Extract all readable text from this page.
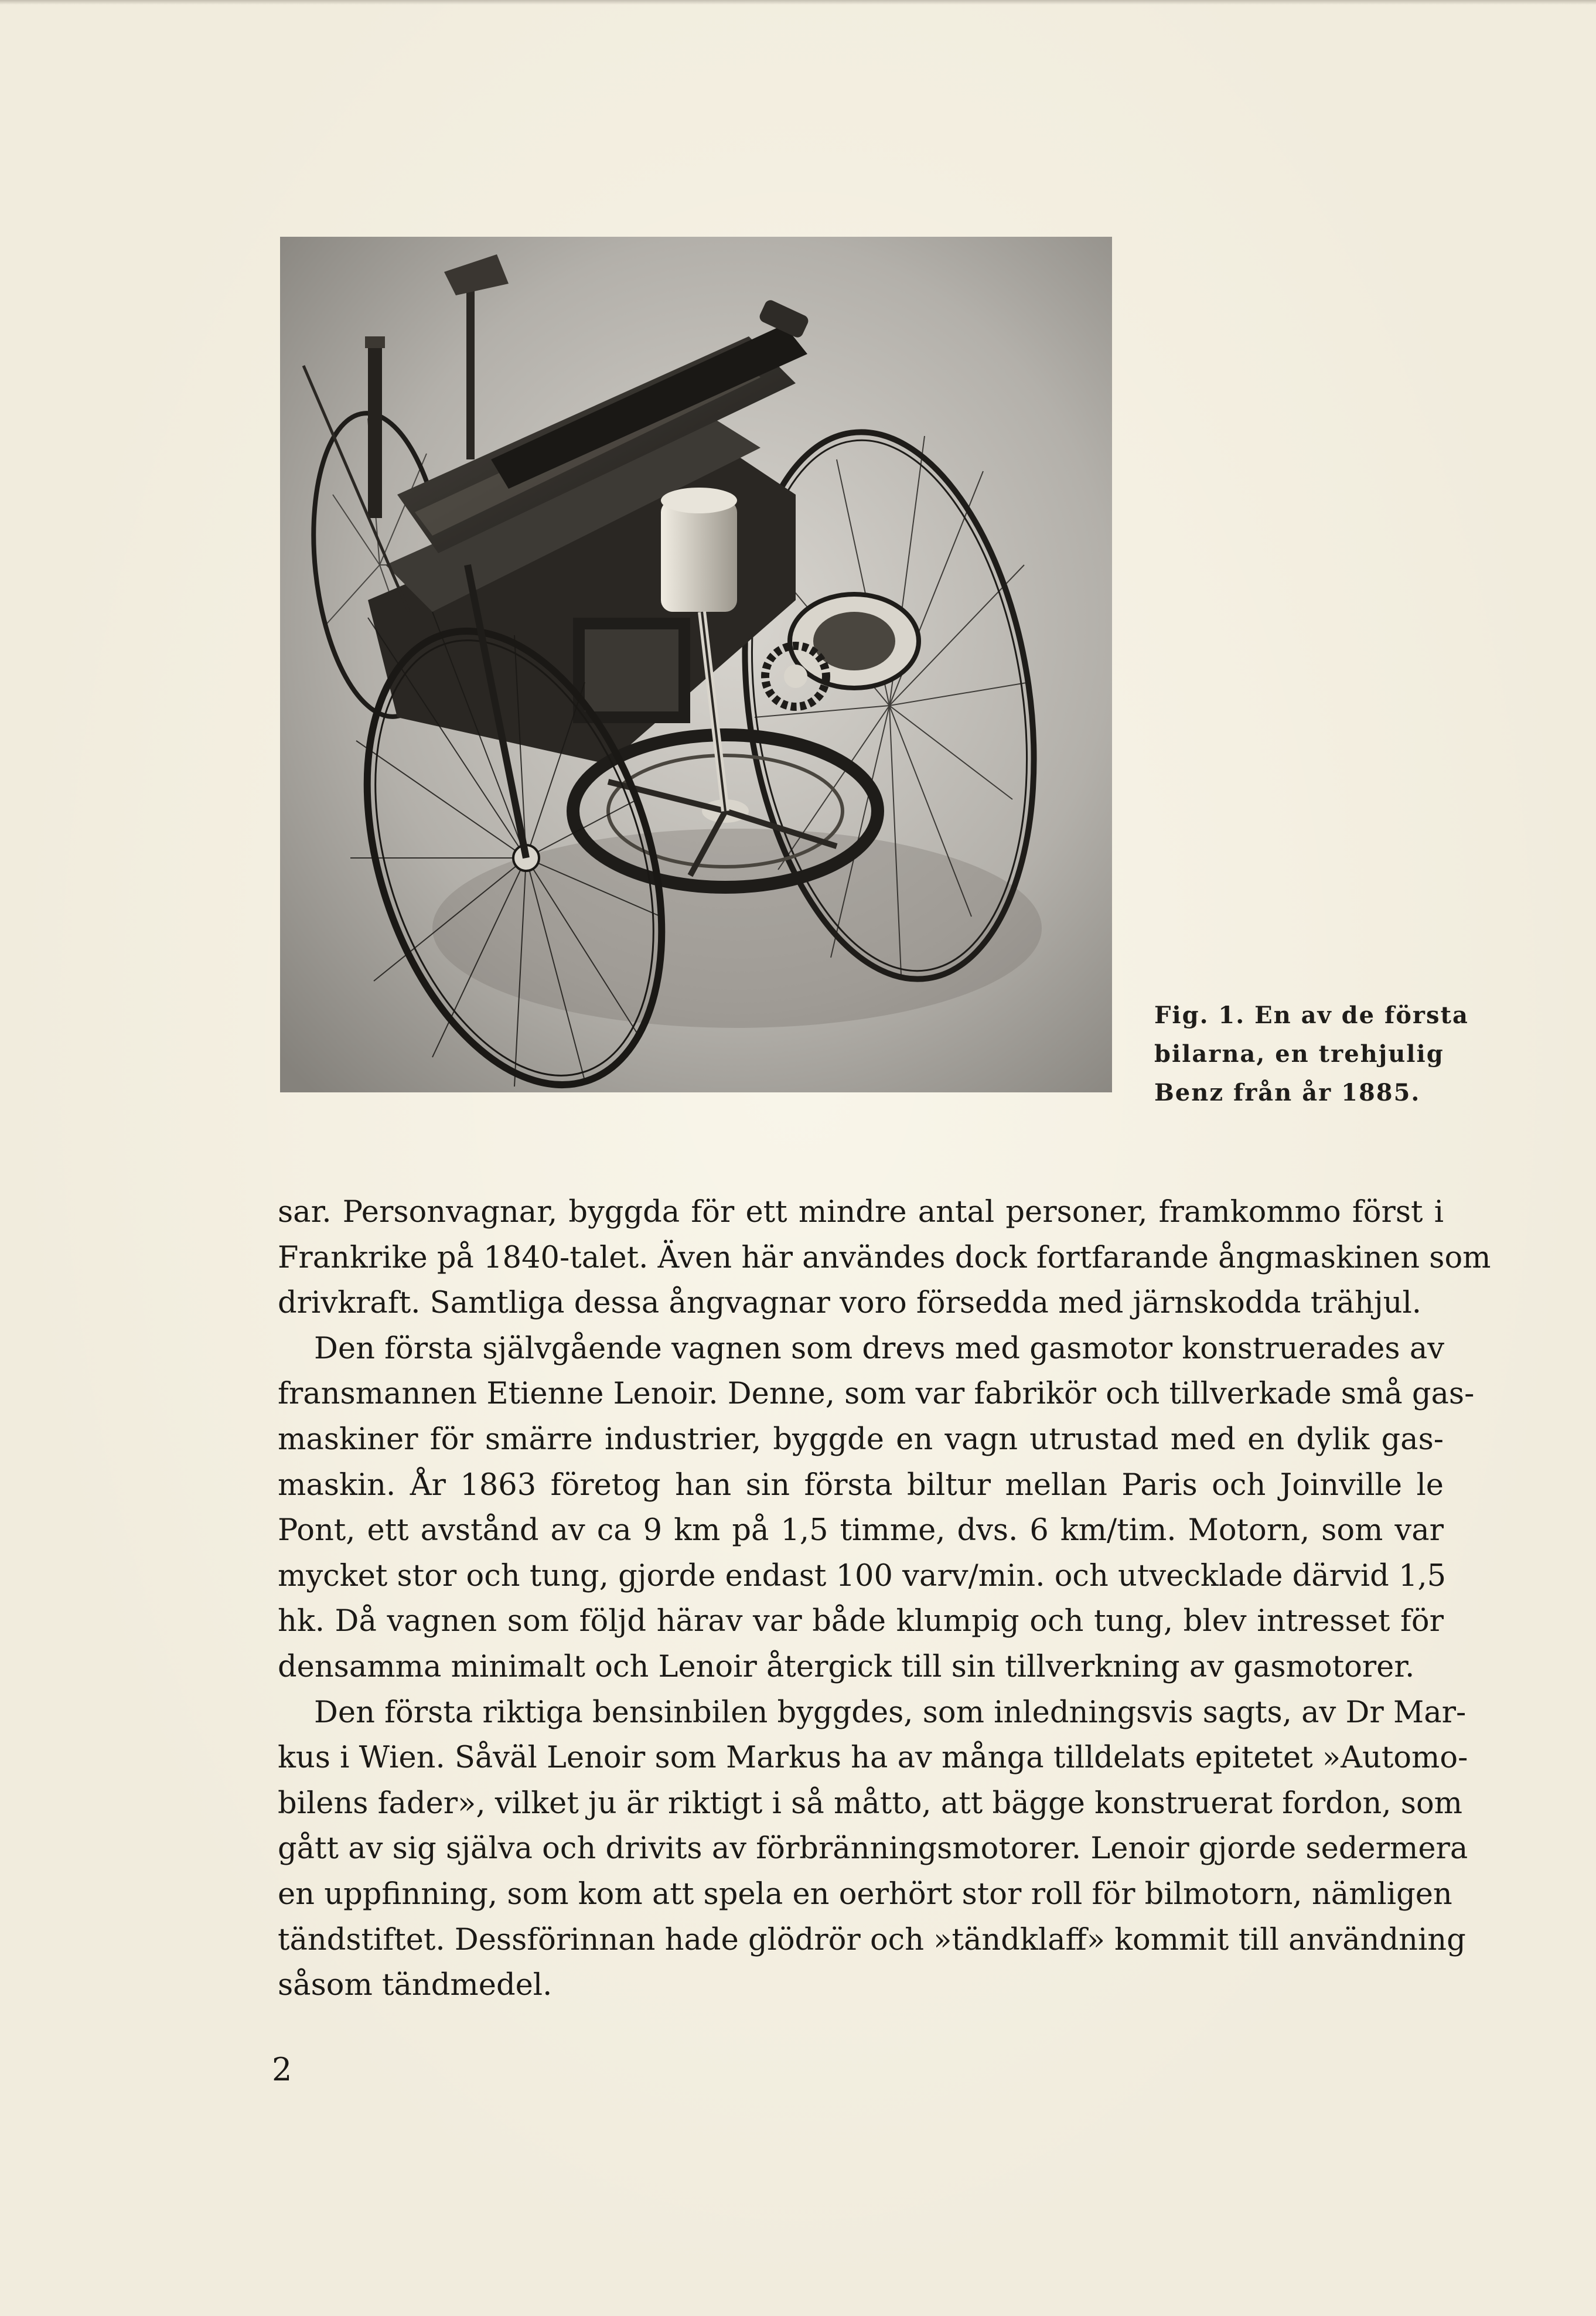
Fig. 1. En av de första
bilarna, en trehjulig
Benz från år 1885.
sar. Personvagnar, byggda för ett mindre antal personer, framkommo först i
Frankrike på 1840-talet. Även här användes dock fortfarande ångmaskinen som
drivkraft. Samtliga dessa ångvagnar voro försedda med järnskodda trähjul.
Den första självgående vagnen som drevs med gasmotor konstruerades av
fransmannen Etienne Lenoir. Denne, som var fabrikör och tillverkade små gas-
maskiner för smärre industrier, byggde en vagn utrustad med en dylik gas-
maskin. År 1863 företog han sin första biltur mellan Paris och Joinville le
Pont, ett avstånd av ca 9 km på 1,5 timme, dvs. 6 km/tim. Motorn, som var
mycket stor och tung, gjorde endast 100 varv/min. och utvecklade därvid 1,5
hk. Då vagnen som följd härav var både klumpig och tung, blev intresset för
densamma minimalt och Lenoir återgick till sin tillverkning av gasmotorer.
Den första riktiga bensinbilen byggdes, som inledningsvis sagts, av Dr Mar-
kus i Wien. Såväl Lenoir som Markus ha av många tilldelats epitetet »Automo-
bilens fader», vilket ju är riktigt i så måtto, att bägge konstruerat fordon, som
gått av sig själva och drivits av förbränningsmotorer. Lenoir gjorde sedermera
en uppfinning, som kom att spela en oerhört stor roll för bilmotorn, nämligen
tändstiftet. Dessförinnan hade glödrör och »tändklaff» kommit till användning
såsom tändmedel.
2
